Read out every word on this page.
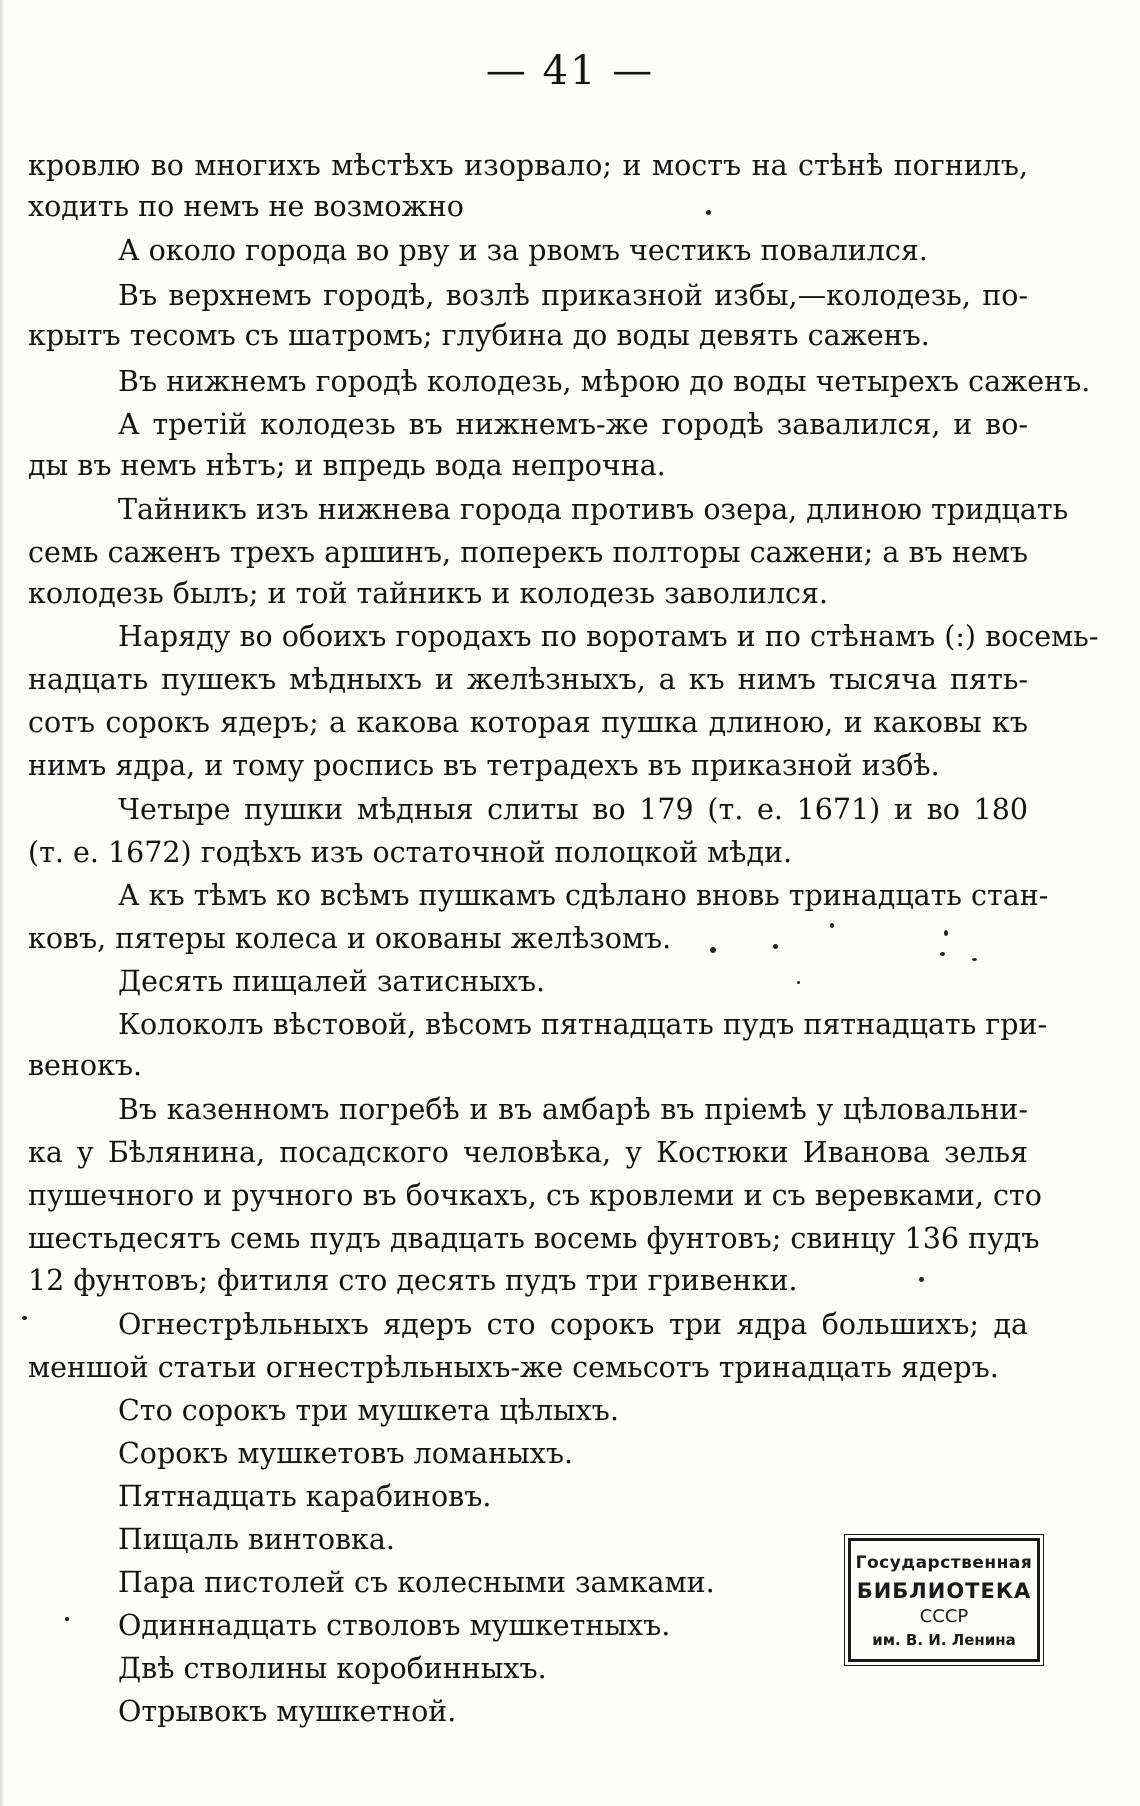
— 41 —
кровлю во многихъ мѣстѣхъ изорвало; и мостъ на стѣнѣ погнилъ,
ходить по немъ не возможно
А около города во рву и за рвомъ честикъ повалился.
Въ верхнемъ городѣ, возлѣ приказной избы,—колодезь, по-
крытъ тесомъ съ шатромъ; глубина до воды девять саженъ.
Въ нижнемъ городѣ колодезь, мѣрою до воды четырехъ саженъ.
А третій колодезь въ нижнемъ-же городѣ завалился, и во-
ды въ немъ нѣтъ; и впредь вода непрочна.
Тайникъ изъ нижнева города противъ озера, длиною тридцать
семь саженъ трехъ аршинъ, поперекъ полторы сажени; а въ немъ
колодезь былъ; и той тайникъ и колодезь заволился.
Наряду во обоихъ городахъ по воротамъ и по стѣнамъ (:) восемь-
надцать пушекъ мѣдныхъ и желѣзныхъ, а къ нимъ тысяча пять-
сотъ сорокъ ядеръ; а какова которая пушка длиною, и каковы къ
нимъ ядра, и тому роспись въ тетрадехъ въ приказной избѣ.
Четыре пушки мѣдныя слиты во 179 (т. е. 1671) и во 180
(т. е. 1672) годѣхъ изъ остаточной полоцкой мѣди.
А къ тѣмъ ко всѣмъ пушкамъ сдѣлано вновь тринадцать стан-
ковъ, пятеры колеса и окованы желѣзомъ.
Десять пищалей затисныхъ.
Колоколъ вѣстовой, вѣсомъ пятнадцать пудъ пятнадцать гри-
венокъ.
Въ казенномъ погребѣ и въ амбарѣ въ пріемѣ у цѣловальни-
ка у Бѣлянина, посадского человѣка, у Костюки Иванова зелья
пушечного и ручного въ бочкахъ, съ кровлеми и съ веревками, сто
шестьдесятъ семь пудъ двадцать восемь фунтовъ; свинцу 136 пудъ
12 фунтовъ; фитиля сто десять пудъ три гривенки.
Огнестрѣльныхъ ядеръ сто сорокъ три ядра большихъ; да
меншой статьи огнестрѣльныхъ-же семьсотъ тринадцать ядеръ.
Сто сорокъ три мушкета цѣлыхъ.
Сорокъ мушкетовъ ломаныхъ.
Пятнадцать карабиновъ.
Пищаль винтовка.
Пара пистолей съ колесными замками.
Одиннадцать стволовъ мушкетныхъ.
Двѣ стволины коробинныхъ.
Отрывокъ мушкетной.
Государственная
БИБЛИОТЕКА
СССР
им. В. И. Ленина
